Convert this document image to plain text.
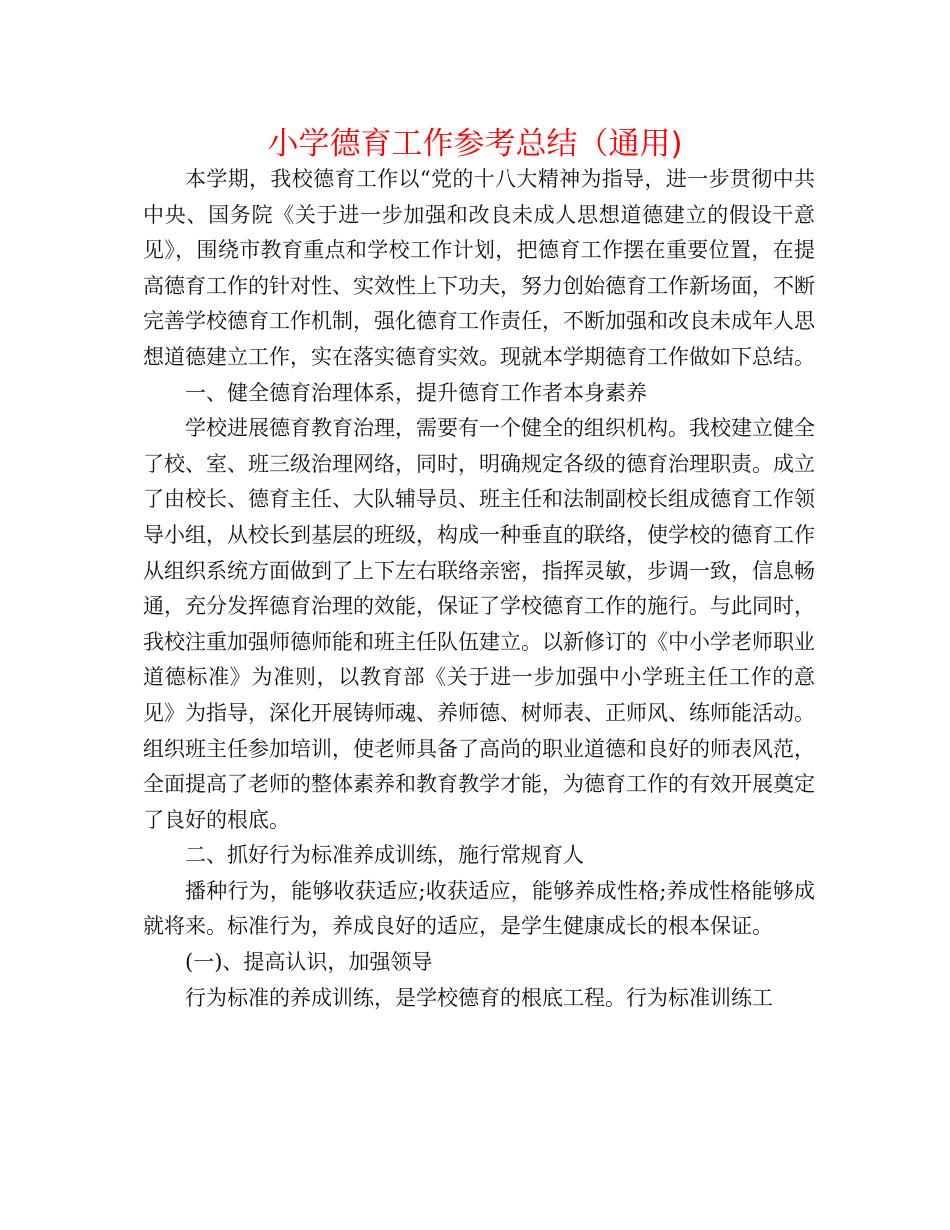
小学德育工作参考总结（通用)

本学期，我校德育工作以“党的十八大精神为指导，进一步贯彻中共中央、国务院《关于进一步加强和改良未成人思想道德建立的假设干意见》，围绕市教育重点和学校工作计划，把德育工作摆在重要位置，在提高德育工作的针对性、实效性上下功夫，努力创始德育工作新场面，不断完善学校德育工作机制，强化德育工作责任，不断加强和改良未成年人思想道德建立工作，实在落实德育实效。现就本学期德育工作做如下总结。

一、健全德育治理体系，提升德育工作者本身素养

学校进展德育教育治理，需要有一个健全的组织机构。我校建立健全了校、室、班三级治理网络，同时，明确规定各级的德育治理职责。成立了由校长、德育主任、大队辅导员、班主任和法制副校长组成德育工作领导小组，从校长到基层的班级，构成一种垂直的联络，使学校的德育工作从组织系统方面做到了上下左右联络亲密，指挥灵敏，步调一致，信息畅通，充分发挥德育治理的效能，保证了学校德育工作的施行。与此同时，我校注重加强师德师能和班主任队伍建立。以新修订的《中小学老师职业道德标准》为准则，以教育部《关于进一步加强中小学班主任工作的意见》为指导，深化开展铸师魂、养师德、树师表、正师风、练师能活动。组织班主任参加培训，使老师具备了高尚的职业道德和良好的师表风范，全面提高了老师的整体素养和教育教学才能，为德育工作的有效开展奠定了良好的根底。

二、抓好行为标准养成训练，施行常规育人

播种行为，能够收获适应;收获适应，能够养成性格;养成性格能够成就将来。标准行为，养成良好的适应，是学生健康成长的根本保证。

(一)、提高认识，加强领导

行为标准的养成训练，是学校德育的根底工程。行为标准训练工
